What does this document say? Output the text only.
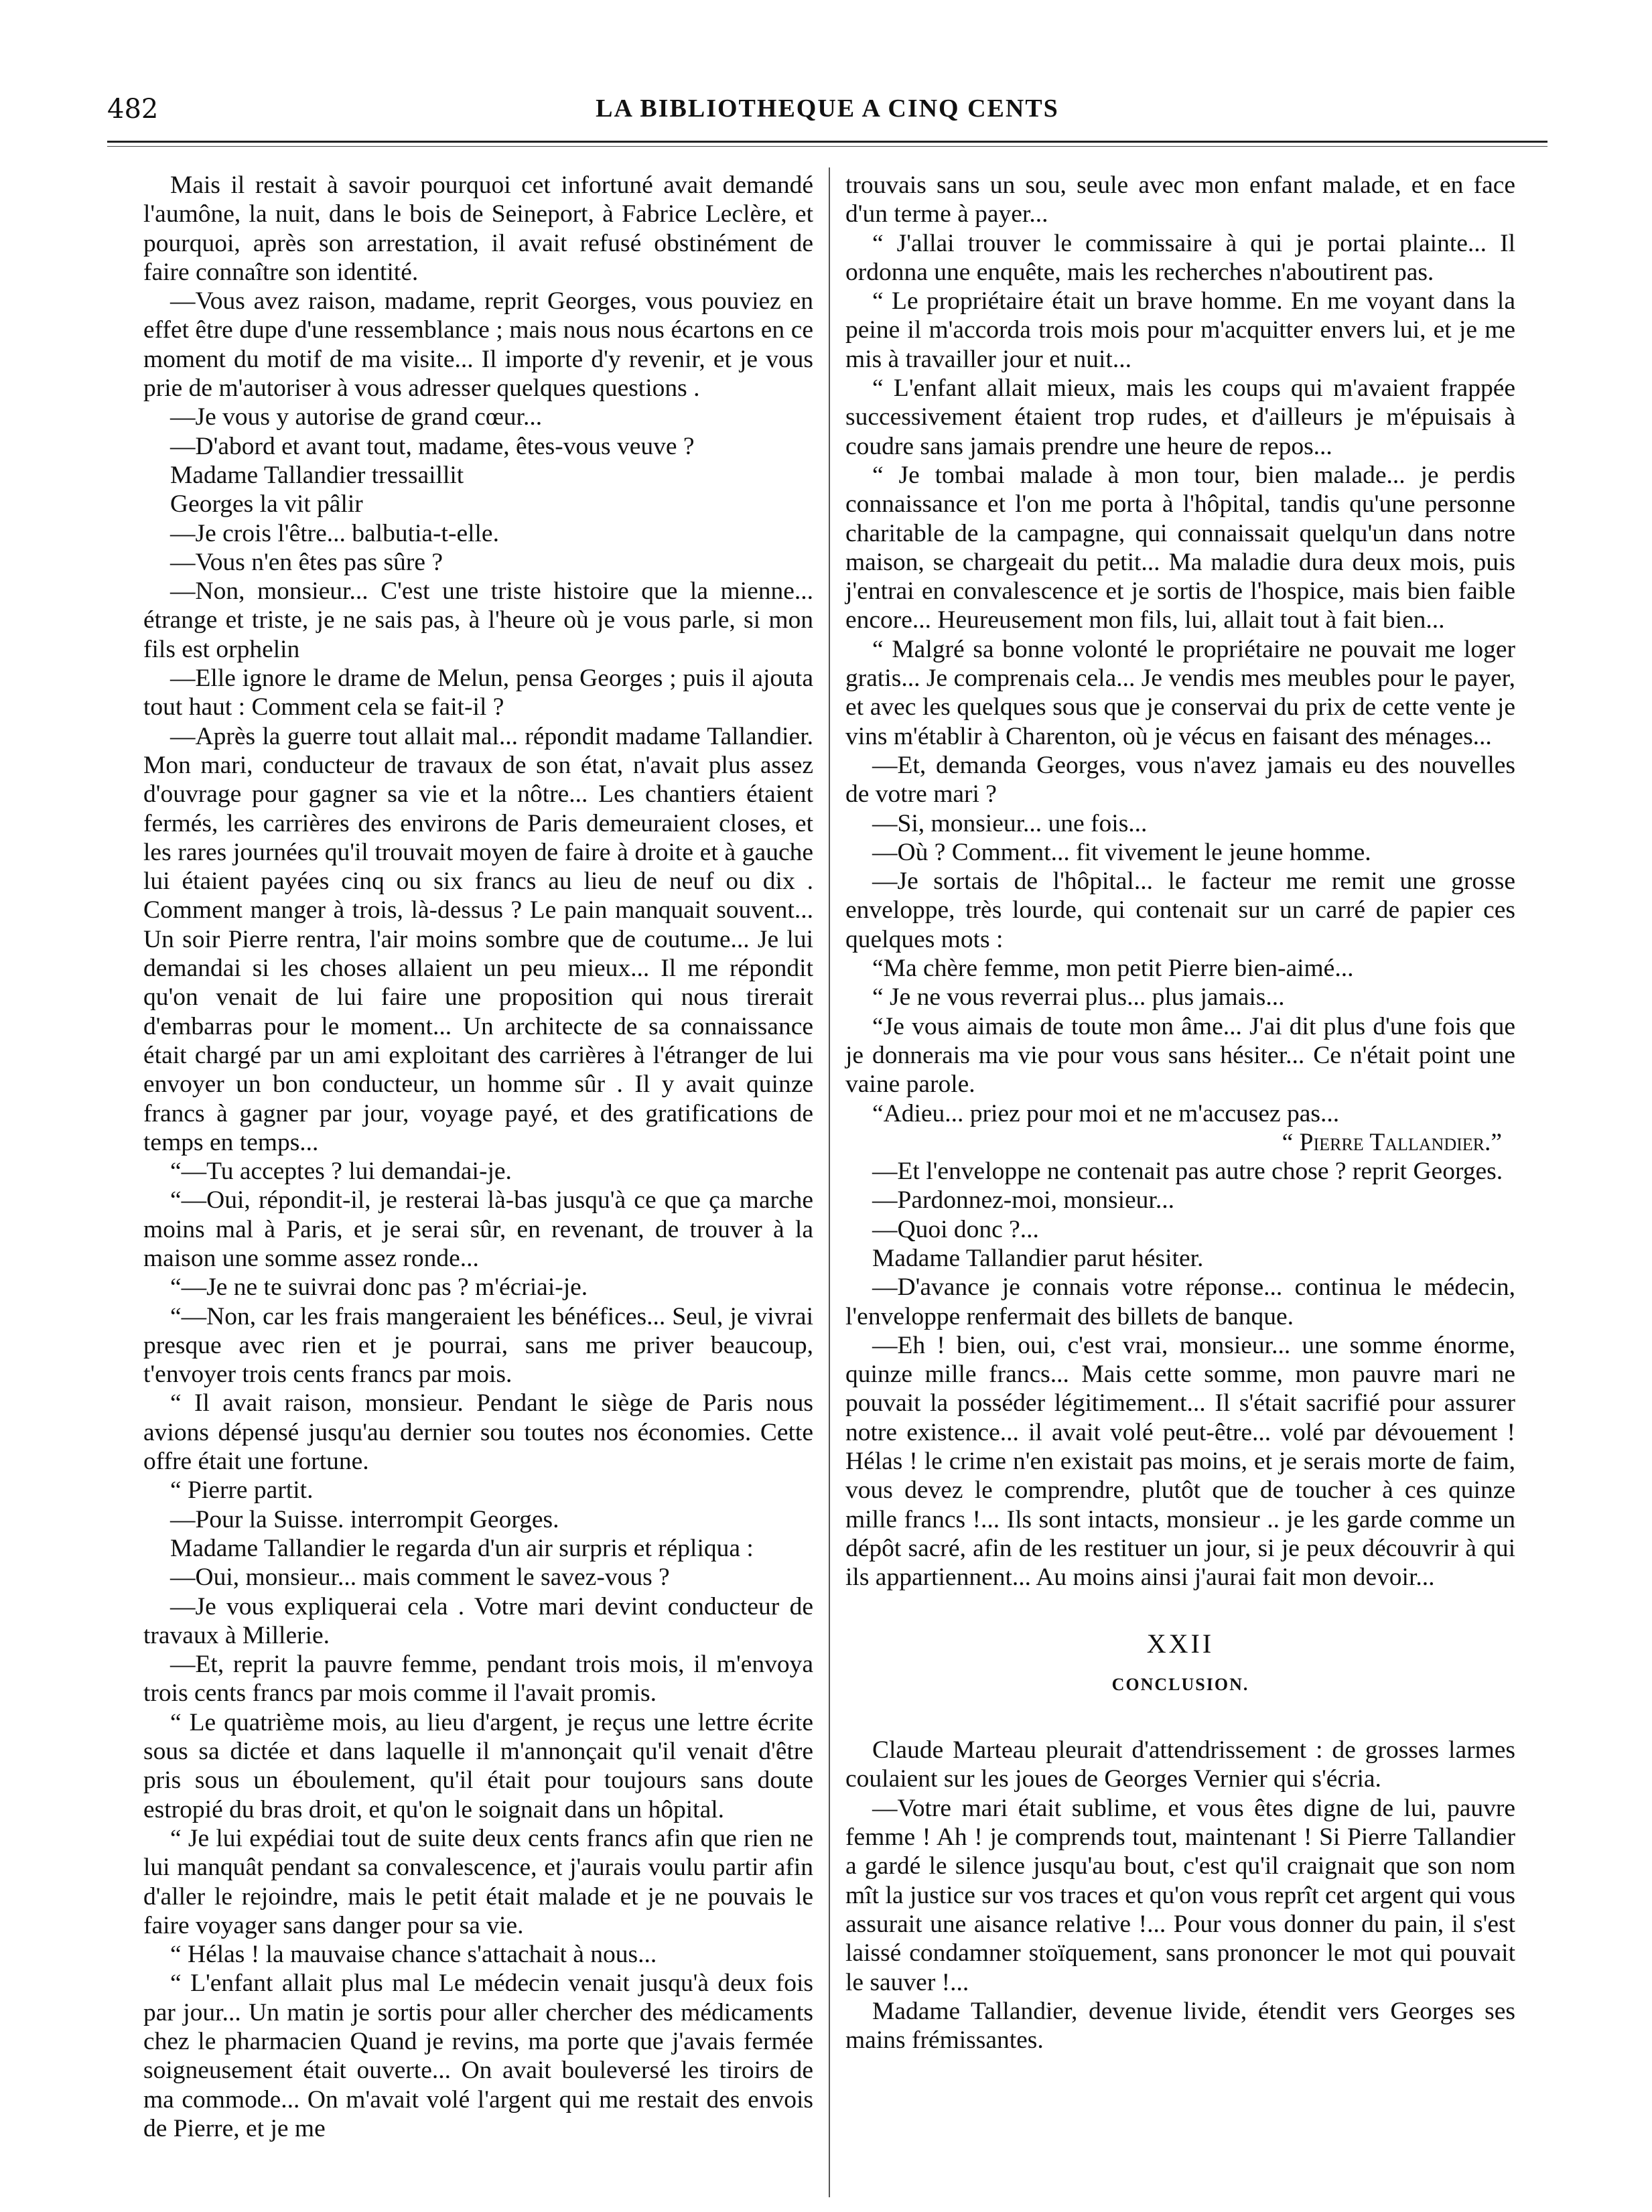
482	LA BIBLIOTHEQUE A CINQ CENTS

Mais il restait à savoir pourquoi cet infortuné avait demandé l'aumône, la nuit, dans le bois de Seineport, à Fabrice Leclère, et pourquoi, après son arrestation, il avait refusé obstinément de faire connaître son identité.

—Vous avez raison, madame, reprit Georges, vous pouviez en effet être dupe d'une ressemblance ; mais nous nous écartons en ce moment du motif de ma visite... Il importe d'y revenir, et je vous prie de m'autoriser à vous adresser quelques questions .

—Je vous y autorise de grand cœur...

—D'abord et avant tout, madame, êtes-vous veuve ?

Madame Tallandier tressaillit

Georges la vit pâlir

—Je crois l'être... balbutia-t-elle.

—Vous n'en êtes pas sûre ?

—Non, monsieur... C'est une triste histoire que la mienne... étrange et triste, je ne sais pas, à l'heure où je vous parle, si mon fils est orphelin

—Elle ignore le drame de Melun, pensa Georges ; puis il ajouta tout haut : Comment cela se fait-il ?

—Après la guerre tout allait mal... répondit madame Tallandier. Mon mari, conducteur de travaux de son état, n'avait plus assez d'ouvrage pour gagner sa vie et la nôtre... Les chantiers étaient fermés, les carrières des environs de Paris demeuraient closes, et les rares journées qu'il trouvait moyen de faire à droite et à gauche lui étaient payées cinq ou six francs au lieu de neuf ou dix . Comment manger à trois, là-dessus ? Le pain manquait souvent... Un soir Pierre rentra, l'air moins sombre que de coutume... Je lui demandai si les choses allaient un peu mieux... Il me répondit qu'on venait de lui faire une proposition qui nous tirerait d'embarras pour le moment... Un architecte de sa connaissance était chargé par un ami exploitant des carrières à l'étranger de lui envoyer un bon conducteur, un homme sûr . Il y avait quinze francs à gagner par jour, voyage payé, et des gratifications de temps en temps...

“—Tu acceptes ? lui demandai-je.

“—Oui, répondit-il, je resterai là-bas jusqu'à ce que ça marche moins mal à Paris, et je serai sûr, en revenant, de trouver à la maison une somme assez ronde...

“—Je ne te suivrai donc pas ? m'écriai-je.

“—Non, car les frais mangeraient les bénéfices... Seul, je vivrai presque avec rien et je pourrai, sans me priver beaucoup, t'envoyer trois cents francs par mois.

“ Il avait raison, monsieur. Pendant le siège de Paris nous avions dépensé jusqu'au dernier sou toutes nos économies. Cette offre était une fortune.

“ Pierre partit.

—Pour la Suisse. interrompit Georges.

Madame Tallandier le regarda d'un air surpris et répliqua :

—Oui, monsieur... mais comment le savez-vous ?

—Je vous expliquerai cela . Votre mari devint conducteur de travaux à Millerie.

—Et, reprit la pauvre femme, pendant trois mois, il m'envoya trois cents francs par mois comme il l'avait promis.

“ Le quatrième mois, au lieu d'argent, je reçus une lettre écrite sous sa dictée et dans laquelle il m'annonçait qu'il venait d'être pris sous un éboulement, qu'il était pour toujours sans doute estropié du bras droit, et qu'on le soignait dans un hôpital.

“ Je lui expédiai tout de suite deux cents francs afin que rien ne lui manquât pendant sa convalescence, et j'aurais voulu partir afin d'aller le rejoindre, mais le petit était malade et je ne pouvais le faire voyager sans danger pour sa vie.

“ Hélas ! la mauvaise chance s'attachait à nous...

“ L'enfant allait plus mal Le médecin venait jusqu'à deux fois par jour... Un matin je sortis pour aller chercher des médicaments chez le pharmacien Quand je revins, ma porte que j'avais fermée soigneusement était ouverte... On avait bouleversé les tiroirs de ma commode... On m'avait volé l'argent qui me restait des envois de Pierre, et je me

trouvais sans un sou, seule avec mon enfant malade, et en face d'un terme à payer...

“ J'allai trouver le commissaire à qui je portai plainte... Il ordonna une enquête, mais les recherches n'aboutirent pas.

“ Le propriétaire était un brave homme. En me voyant dans la peine il m'accorda trois mois pour m'acquitter envers lui, et je me mis à travailler jour et nuit...

“ L'enfant allait mieux, mais les coups qui m'avaient frappée successivement étaient trop rudes, et d'ailleurs je m'épuisais à coudre sans jamais prendre une heure de repos...

“ Je tombai malade à mon tour, bien malade... je perdis connaissance et l'on me porta à l'hôpital, tandis qu'une personne charitable de la campagne, qui connaissait quelqu'un dans notre maison, se chargeait du petit... Ma maladie dura deux mois, puis j'entrai en convalescence et je sortis de l'hospice, mais bien faible encore... Heureusement mon fils, lui, allait tout à fait bien...

“ Malgré sa bonne volonté le propriétaire ne pouvait me loger gratis... Je comprenais cela... Je vendis mes meubles pour le payer, et avec les quelques sous que je conservai du prix de cette vente je vins m'établir à Charenton, où je vécus en faisant des ménages...

—Et, demanda Georges, vous n'avez jamais eu des nouvelles de votre mari ?

—Si, monsieur... une fois...

—Où ? Comment... fit vivement le jeune homme.

—Je sortais de l'hôpital... le facteur me remit une grosse enveloppe, très lourde, qui contenait sur un carré de papier ces quelques mots :

“Ma chère femme, mon petit Pierre bien-aimé...

“ Je ne vous reverrai plus... plus jamais...

“Je vous aimais de toute mon âme... J'ai dit plus d'une fois que je donnerais ma vie pour vous sans hésiter... Ce n'était point une vaine parole.

“Adieu... priez pour moi et ne m'accusez pas...

“ Pierre Tallandier.”

—Et l'enveloppe ne contenait pas autre chose ? reprit Georges.

—Pardonnez-moi, monsieur...

—Quoi donc ?...

Madame Tallandier parut hésiter.

—D'avance je connais votre réponse... continua le médecin, l'enveloppe renfermait des billets de banque.

—Eh ! bien, oui, c'est vrai, monsieur... une somme énorme, quinze mille francs... Mais cette somme, mon pauvre mari ne pouvait la posséder légitimement... Il s'était sacrifié pour assurer notre existence... il avait volé peut-être... volé par dévouement ! Hélas ! le crime n'en existait pas moins, et je serais morte de faim, vous devez le comprendre, plutôt que de toucher à ces quinze mille francs !... Ils sont intacts, monsieur .. je les garde comme un dépôt sacré, afin de les restituer un jour, si je peux découvrir à qui ils appartiennent... Au moins ainsi j'aurai fait mon devoir...

XXII
CONCLUSION.

Claude Marteau pleurait d'attendrissement : de grosses larmes coulaient sur les joues de Georges Vernier qui s'écria.

—Votre mari était sublime, et vous êtes digne de lui, pauvre femme ! Ah ! je comprends tout, maintenant ! Si Pierre Tallandier a gardé le silence jusqu'au bout, c'est qu'il craignait que son nom mît la justice sur vos traces et qu'on vous reprît cet argent qui vous assurait une aisance relative !... Pour vous donner du pain, il s'est laissé condamner stoïquement, sans prononcer le mot qui pouvait le sauver !...

Madame Tallandier, devenue livide, étendit vers Georges ses mains frémissantes.
